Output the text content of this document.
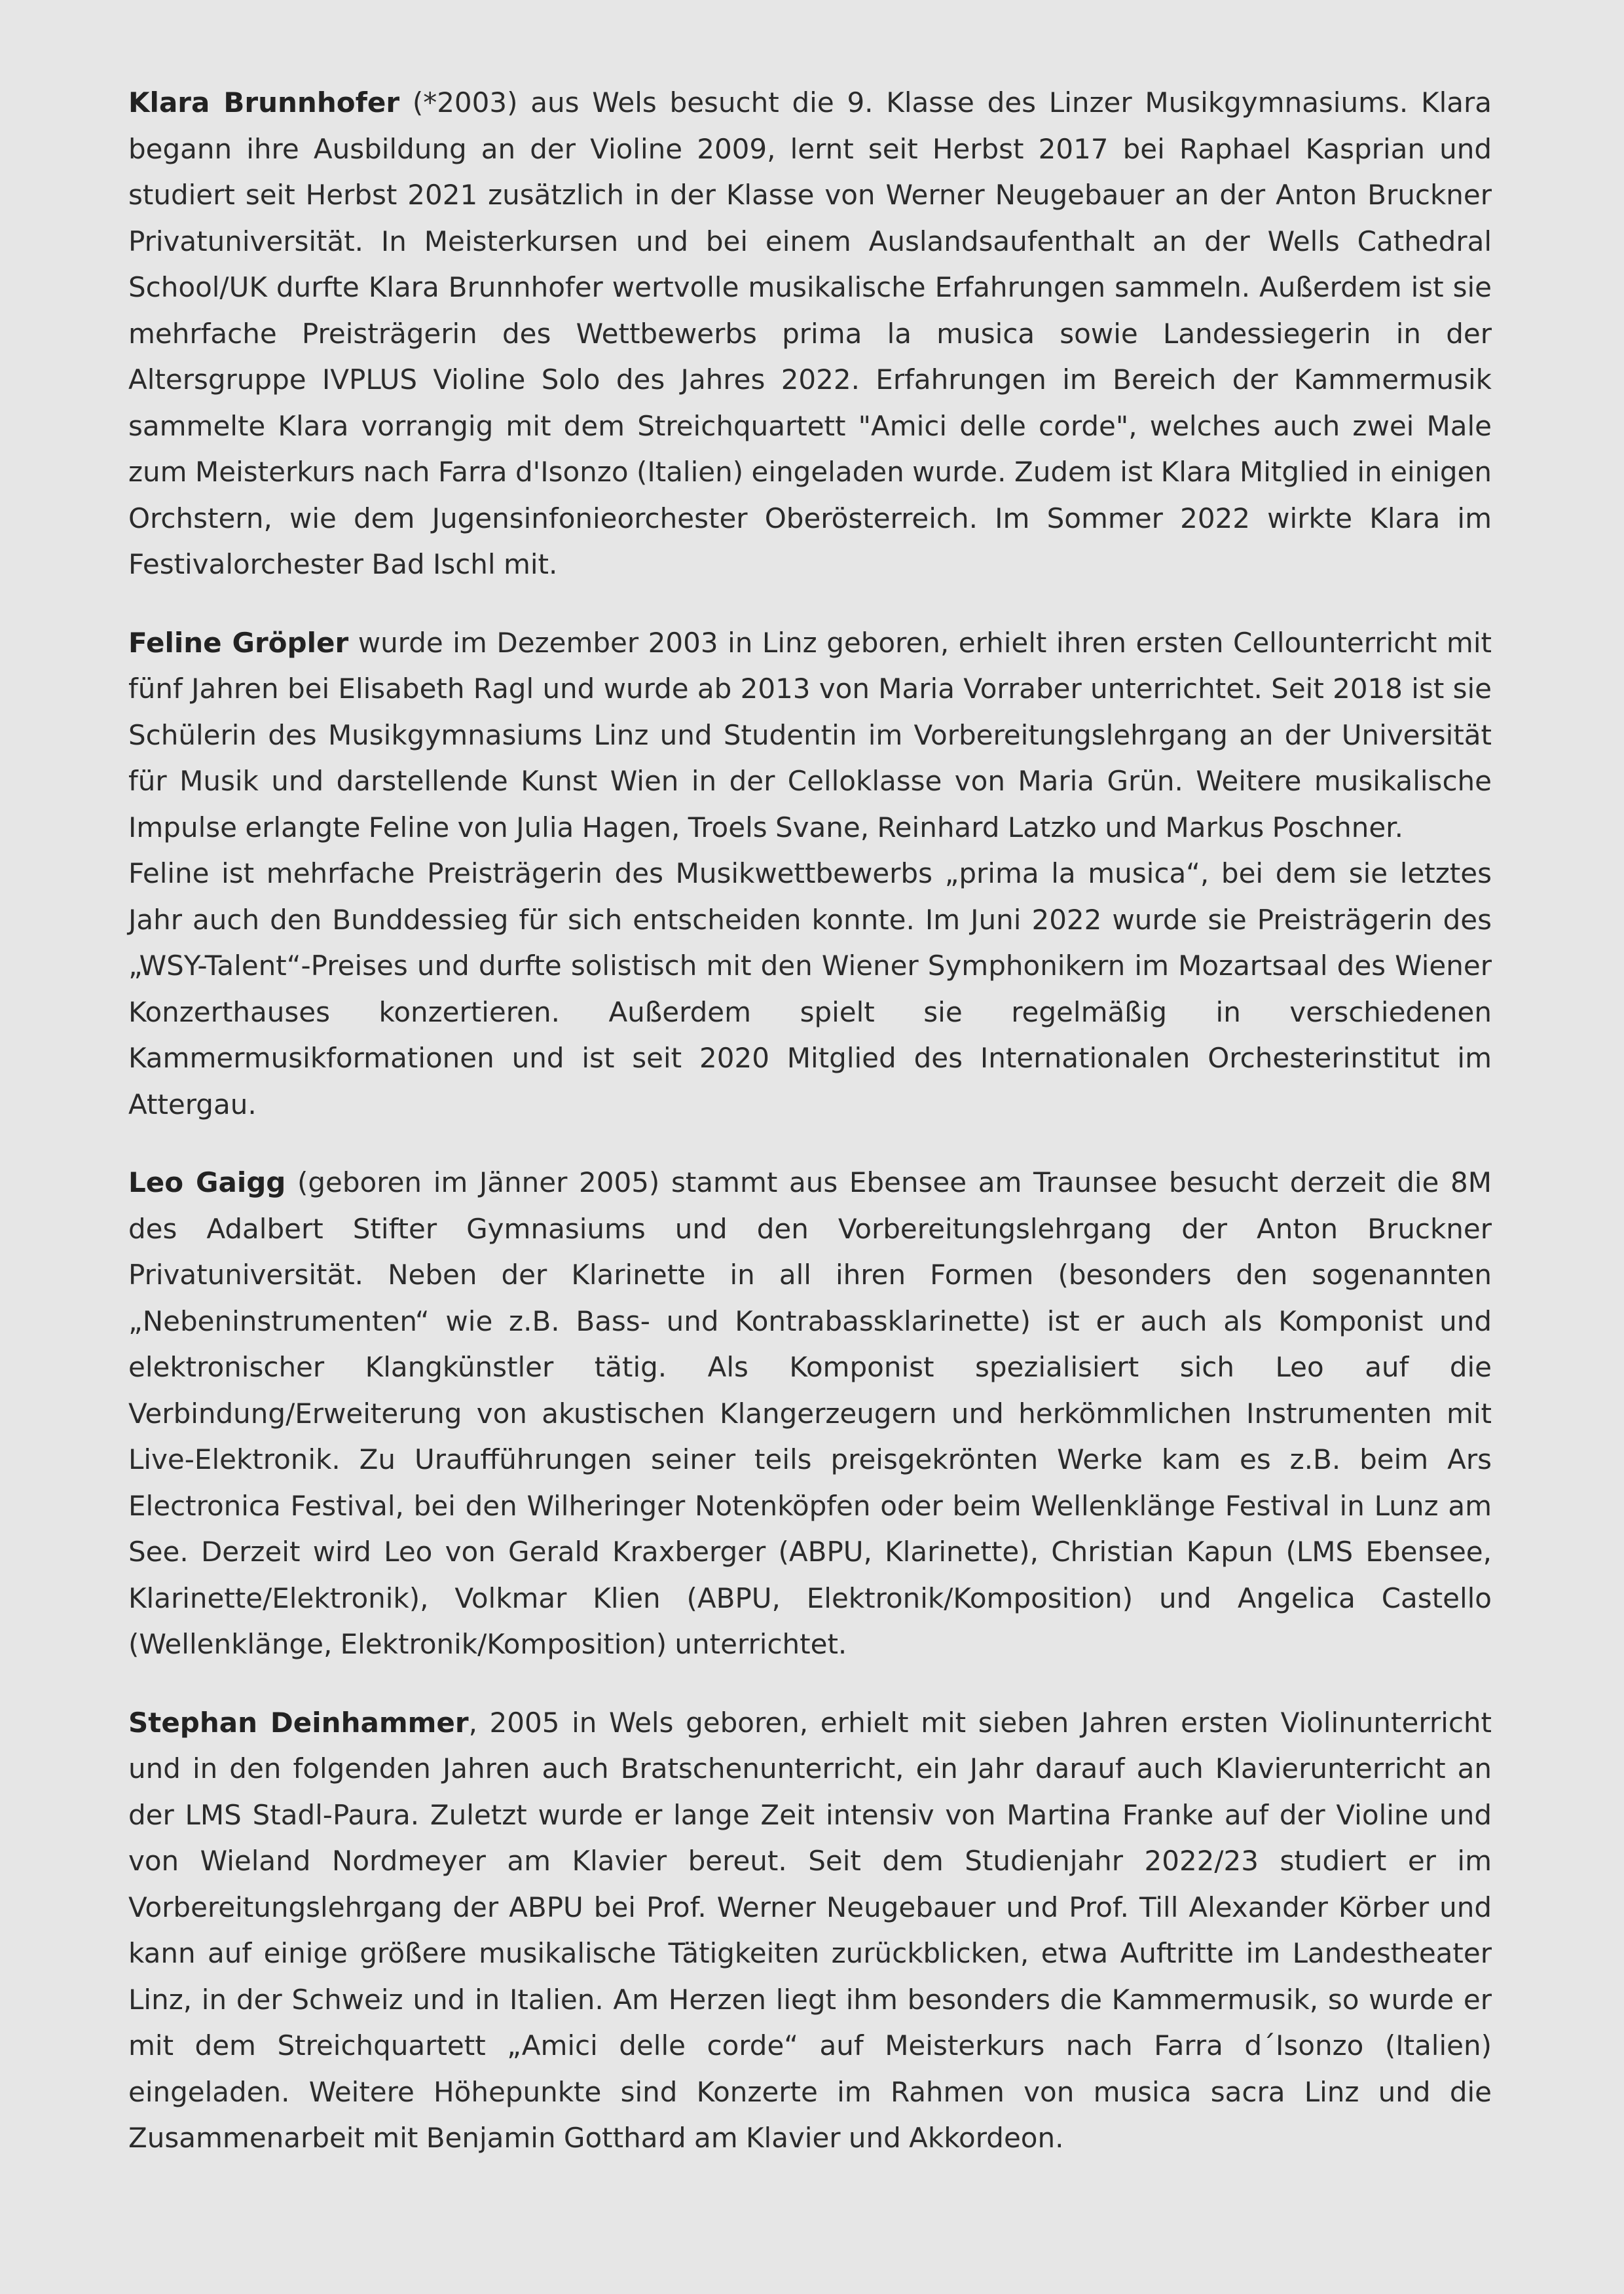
Klara Brunnhofer (*2003) aus Wels besucht die 9. Klasse des Linzer Musikgymnasiums. Klara begann ihre Ausbildung an der Violine 2009, lernt seit Herbst 2017 bei Raphael Kasprian und studiert seit Herbst 2021 zusätzlich in der Klasse von Werner Neugebauer an der Anton Bruckner Privatuniversität. In Meisterkursen und bei einem Auslandsaufenthalt an der Wells Cathedral School/UK durfte Klara Brunnhofer wertvolle musikalische Erfahrungen sammeln. Außerdem ist sie mehrfache Preisträgerin des Wettbewerbs prima la musica sowie Landessiegerin in der Altersgruppe IVPLUS Violine Solo des Jahres 2022. Erfahrungen im Bereich der Kammermusik sammelte Klara vorrangig mit dem Streichquartett "Amici delle corde", welches auch zwei Male zum Meisterkurs nach Farra d'Isonzo (Italien) eingeladen wurde. Zudem ist Klara Mitglied in einigen Orchstern, wie dem Jugensinfonieorchester Oberösterreich. Im Sommer 2022 wirkte Klara im Festivalorchester Bad Ischl mit.

Feline Gröpler wurde im Dezember 2003 in Linz geboren, erhielt ihren ersten Cellounterricht mit fünf Jahren bei Elisabeth Ragl und wurde ab 2013 von Maria Vorraber unterrichtet. Seit 2018 ist sie Schülerin des Musikgymnasiums Linz und Studentin im Vorbereitungslehrgang an der Universität für Musik und darstellende Kunst Wien in der Celloklasse von Maria Grün. Weitere musikalische Impulse erlangte Feline von Julia Hagen, Troels Svane, Reinhard Latzko und Markus Poschner.

Feline ist mehrfache Preisträgerin des Musikwettbewerbs „prima la musica“, bei dem sie letztes Jahr auch den Bunddessieg für sich entscheiden konnte. Im Juni 2022 wurde sie Preisträgerin des „WSY-Talent“-Preises und durfte solistisch mit den Wiener Symphonikern im Mozartsaal des Wiener Konzerthauses konzertieren. Außerdem spielt sie regelmäßig in verschiedenen Kammermusikformationen und ist seit 2020 Mitglied des Internationalen Orchesterinstitut im Attergau.

Leo Gaigg (geboren im Jänner 2005) stammt aus Ebensee am Traunsee besucht derzeit die 8M des Adalbert Stifter Gymnasiums und den Vorbereitungslehrgang der Anton Bruckner Privatuniversität. Neben der Klarinette in all ihren Formen (besonders den sogenannten „Nebeninstrumenten“ wie z.B. Bass- und Kontrabassklarinette) ist er auch als Komponist und elektronischer Klangkünstler tätig. Als Komponist spezialisiert sich Leo auf die Verbindung/Erweiterung von akustischen Klangerzeugern und herkömmlichen Instrumenten mit Live-Elektronik. Zu Uraufführungen seiner teils preisgekrönten Werke kam es z.B. beim Ars Electronica Festival, bei den Wilheringer Notenköpfen oder beim Wellenklänge Festival in Lunz am See. Derzeit wird Leo von Gerald Kraxberger (ABPU, Klarinette), Christian Kapun (LMS Ebensee, Klarinette/Elektronik), Volkmar Klien (ABPU, Elektronik/Komposition) und Angelica Castello (Wellenklänge, Elektronik/Komposition) unterrichtet.

Stephan Deinhammer, 2005 in Wels geboren, erhielt mit sieben Jahren ersten Violinunterricht und in den folgenden Jahren auch Bratschenunterricht, ein Jahr darauf auch Klavierunterricht an der LMS Stadl-Paura. Zuletzt wurde er lange Zeit intensiv von Martina Franke auf der Violine und von Wieland Nordmeyer am Klavier bereut. Seit dem Studienjahr 2022/23 studiert er im Vorbereitungslehrgang der ABPU bei Prof. Werner Neugebauer und Prof. Till Alexander Körber und kann auf einige größere musikalische Tätigkeiten zurückblicken, etwa Auftritte im Landestheater Linz, in der Schweiz und in Italien. Am Herzen liegt ihm besonders die Kammermusik, so wurde er mit dem Streichquartett „Amici delle corde“ auf Meisterkurs nach Farra d´Isonzo (Italien) eingeladen. Weitere Höhepunkte sind Konzerte im Rahmen von musica sacra Linz und die Zusammenarbeit mit Benjamin Gotthard am Klavier und Akkordeon.
